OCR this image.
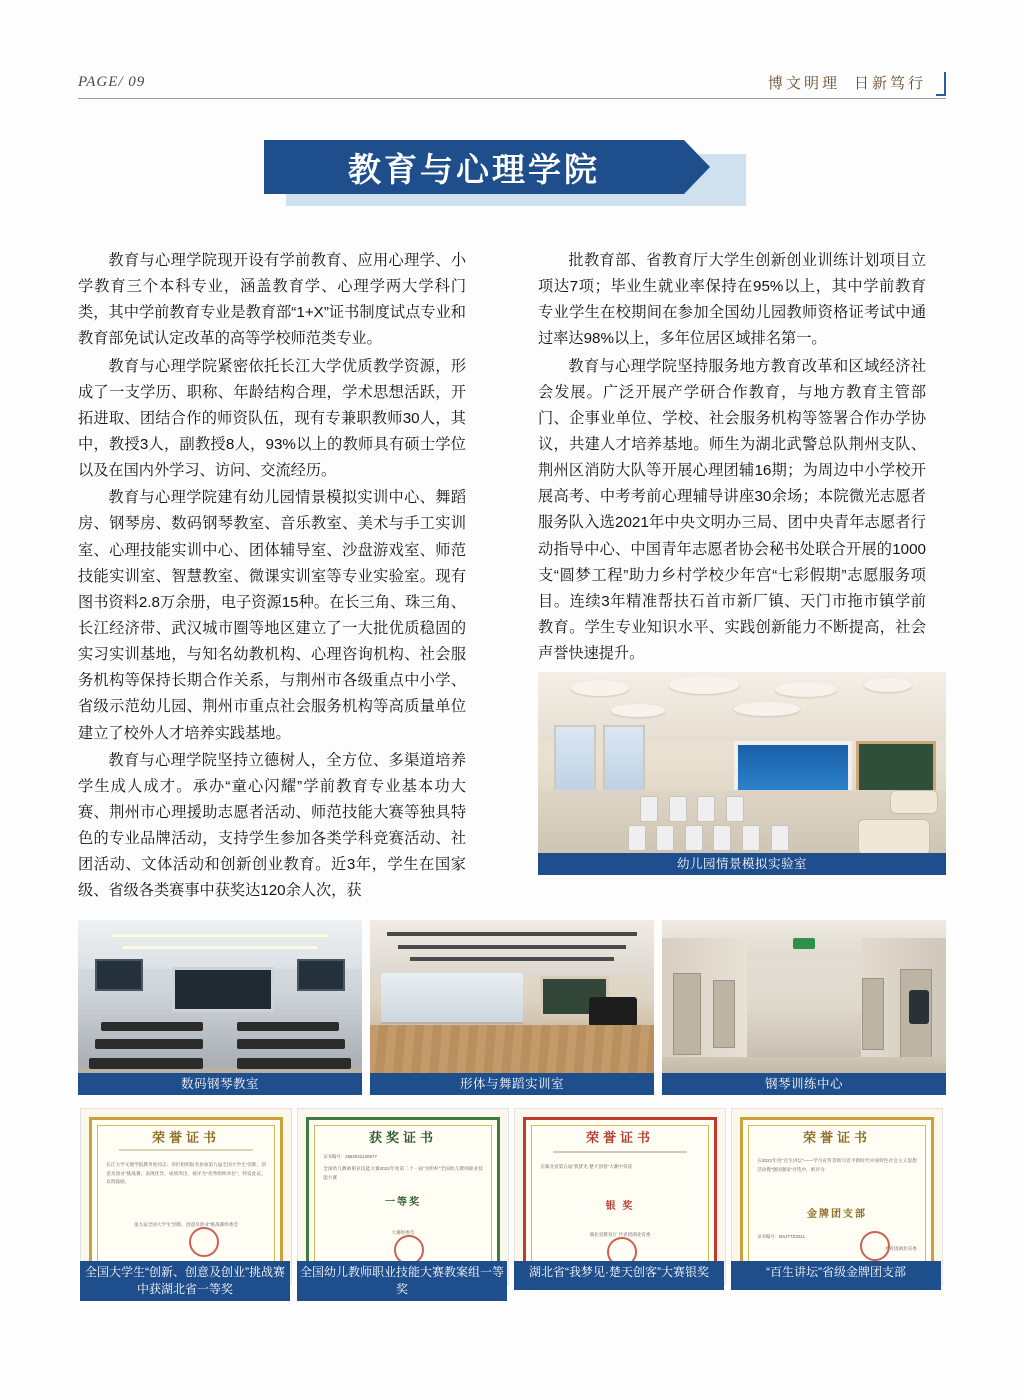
PAGE/ 09	博文明理 日新笃行
教育与心理学院

教育与心理学院现开设有学前教育、应用心理学、小学教育三个本科专业，涵盖教育学、心理学两大学科门类，其中学前教育专业是教育部“1+X”证书制度试点专业和教育部免试认定改革的高等学校师范类专业。

教育与心理学院紧密依托长江大学优质教学资源，形成了一支学历、职称、年龄结构合理，学术思想活跃，开拓进取、团结合作的师资队伍，现有专兼职教师30人，其中，教授3人，副教授8人，93%以上的教师具有硕士学位以及在国内外学习、访问、交流经历。

教育与心理学院建有幼儿园情景模拟实训中心、舞蹈房、钢琴房、数码钢琴教室、音乐教室、美术与手工实训室、心理技能实训中心、团体辅导室、沙盘游戏室、师范技能实训室、智慧教室、微课实训室等专业实验室。现有图书资料2.8万余册，电子资源15种。在长三角、珠三角、长江经济带、武汉城市圈等地区建立了一大批优质稳固的实习实训基地，与知名幼教机构、心理咨询机构、社会服务机构等保持长期合作关系，与荆州市各级重点中小学、省级示范幼儿园、荆州市重点社会服务机构等高质量单位建立了校外人才培养实践基地。

教育与心理学院坚持立德树人，全方位、多渠道培养学生成人成才。承办“童心闪耀”学前教育专业基本功大赛、荆州市心理援助志愿者活动、师范技能大赛等独具特色的专业品牌活动，支持学生参加各类学科竞赛活动、社团活动、文体活动和创新创业教育。近3年，学生在国家级、省级各类赛事中获奖达120余人次，获

批教育部、省教育厅大学生创新创业训练计划项目立项达7项；毕业生就业率保持在95%以上，其中学前教育专业学生在校期间在参加全国幼儿园教师资格证考试中通过率达98%以上，多年位居区域排名第一。

教育与心理学院坚持服务地方教育改革和区域经济社会发展。广泛开展产学研合作教育，与地方教育主管部门、企事业单位、学校、社会服务机构等签署合作办学协议，共建人才培养基地。师生为湖北武警总队荆州支队、荆州区消防大队等开展心理团辅16期；为周边中小学校开展高考、中考考前心理辅导讲座30余场；本院微光志愿者服务队入选2021年中央文明办三局、团中央青年志愿者行动指导中心、中国青年志愿者协会秘书处联合开展的1000支“圆梦工程”助力乡村学校少年宫“七彩假期”志愿服务项目。连续3年精准帮扶石首市新厂镇、天门市拖市镇学前教育。学生专业知识水平、实践创新能力不断提高，社会声誉快速提升。

幼儿园情景模拟实验室
数码钢琴教室	形体与舞蹈实训室	钢琴训练中心
荣誉证书
长江大学文理学院教务处同志：你们组织报名参加第九届全国大学生“创新、创意及创业”挑战赛，表现优异，成绩突出，被评为“优秀组织单位”，特发此证，以资鼓励。
第九届全国大学生“创新、创意及创业”挑战赛组委会
全国大学生“创新、创意及创业”挑战赛中获湖北省一等奖
获奖证书
证书编号：2682022120677
全国幼儿教师职业技能大赛2022年度第二十一届“为明杯”全国幼儿教师职业技能大赛
一等奖
大赛组委会
全国幼儿教师职业技能大赛教案组一等奖
荣誉证书
在湖北省第五届“我梦见·楚天创客”大赛中荣获
银 奖
湖北省教育厅 共青团湖北省委
湖北省“我梦见·楚天创客”大赛银奖
荣誉证书
在2021年度“百生讲坛”——学习宣传贯彻习近平新时代中国特色社会主义思想活动暨“强国强家”评选中，被评为
金牌团支部
证书编号：BSJTTZ2021
共青团湖北省委
“百生讲坛”省级金牌团支部
